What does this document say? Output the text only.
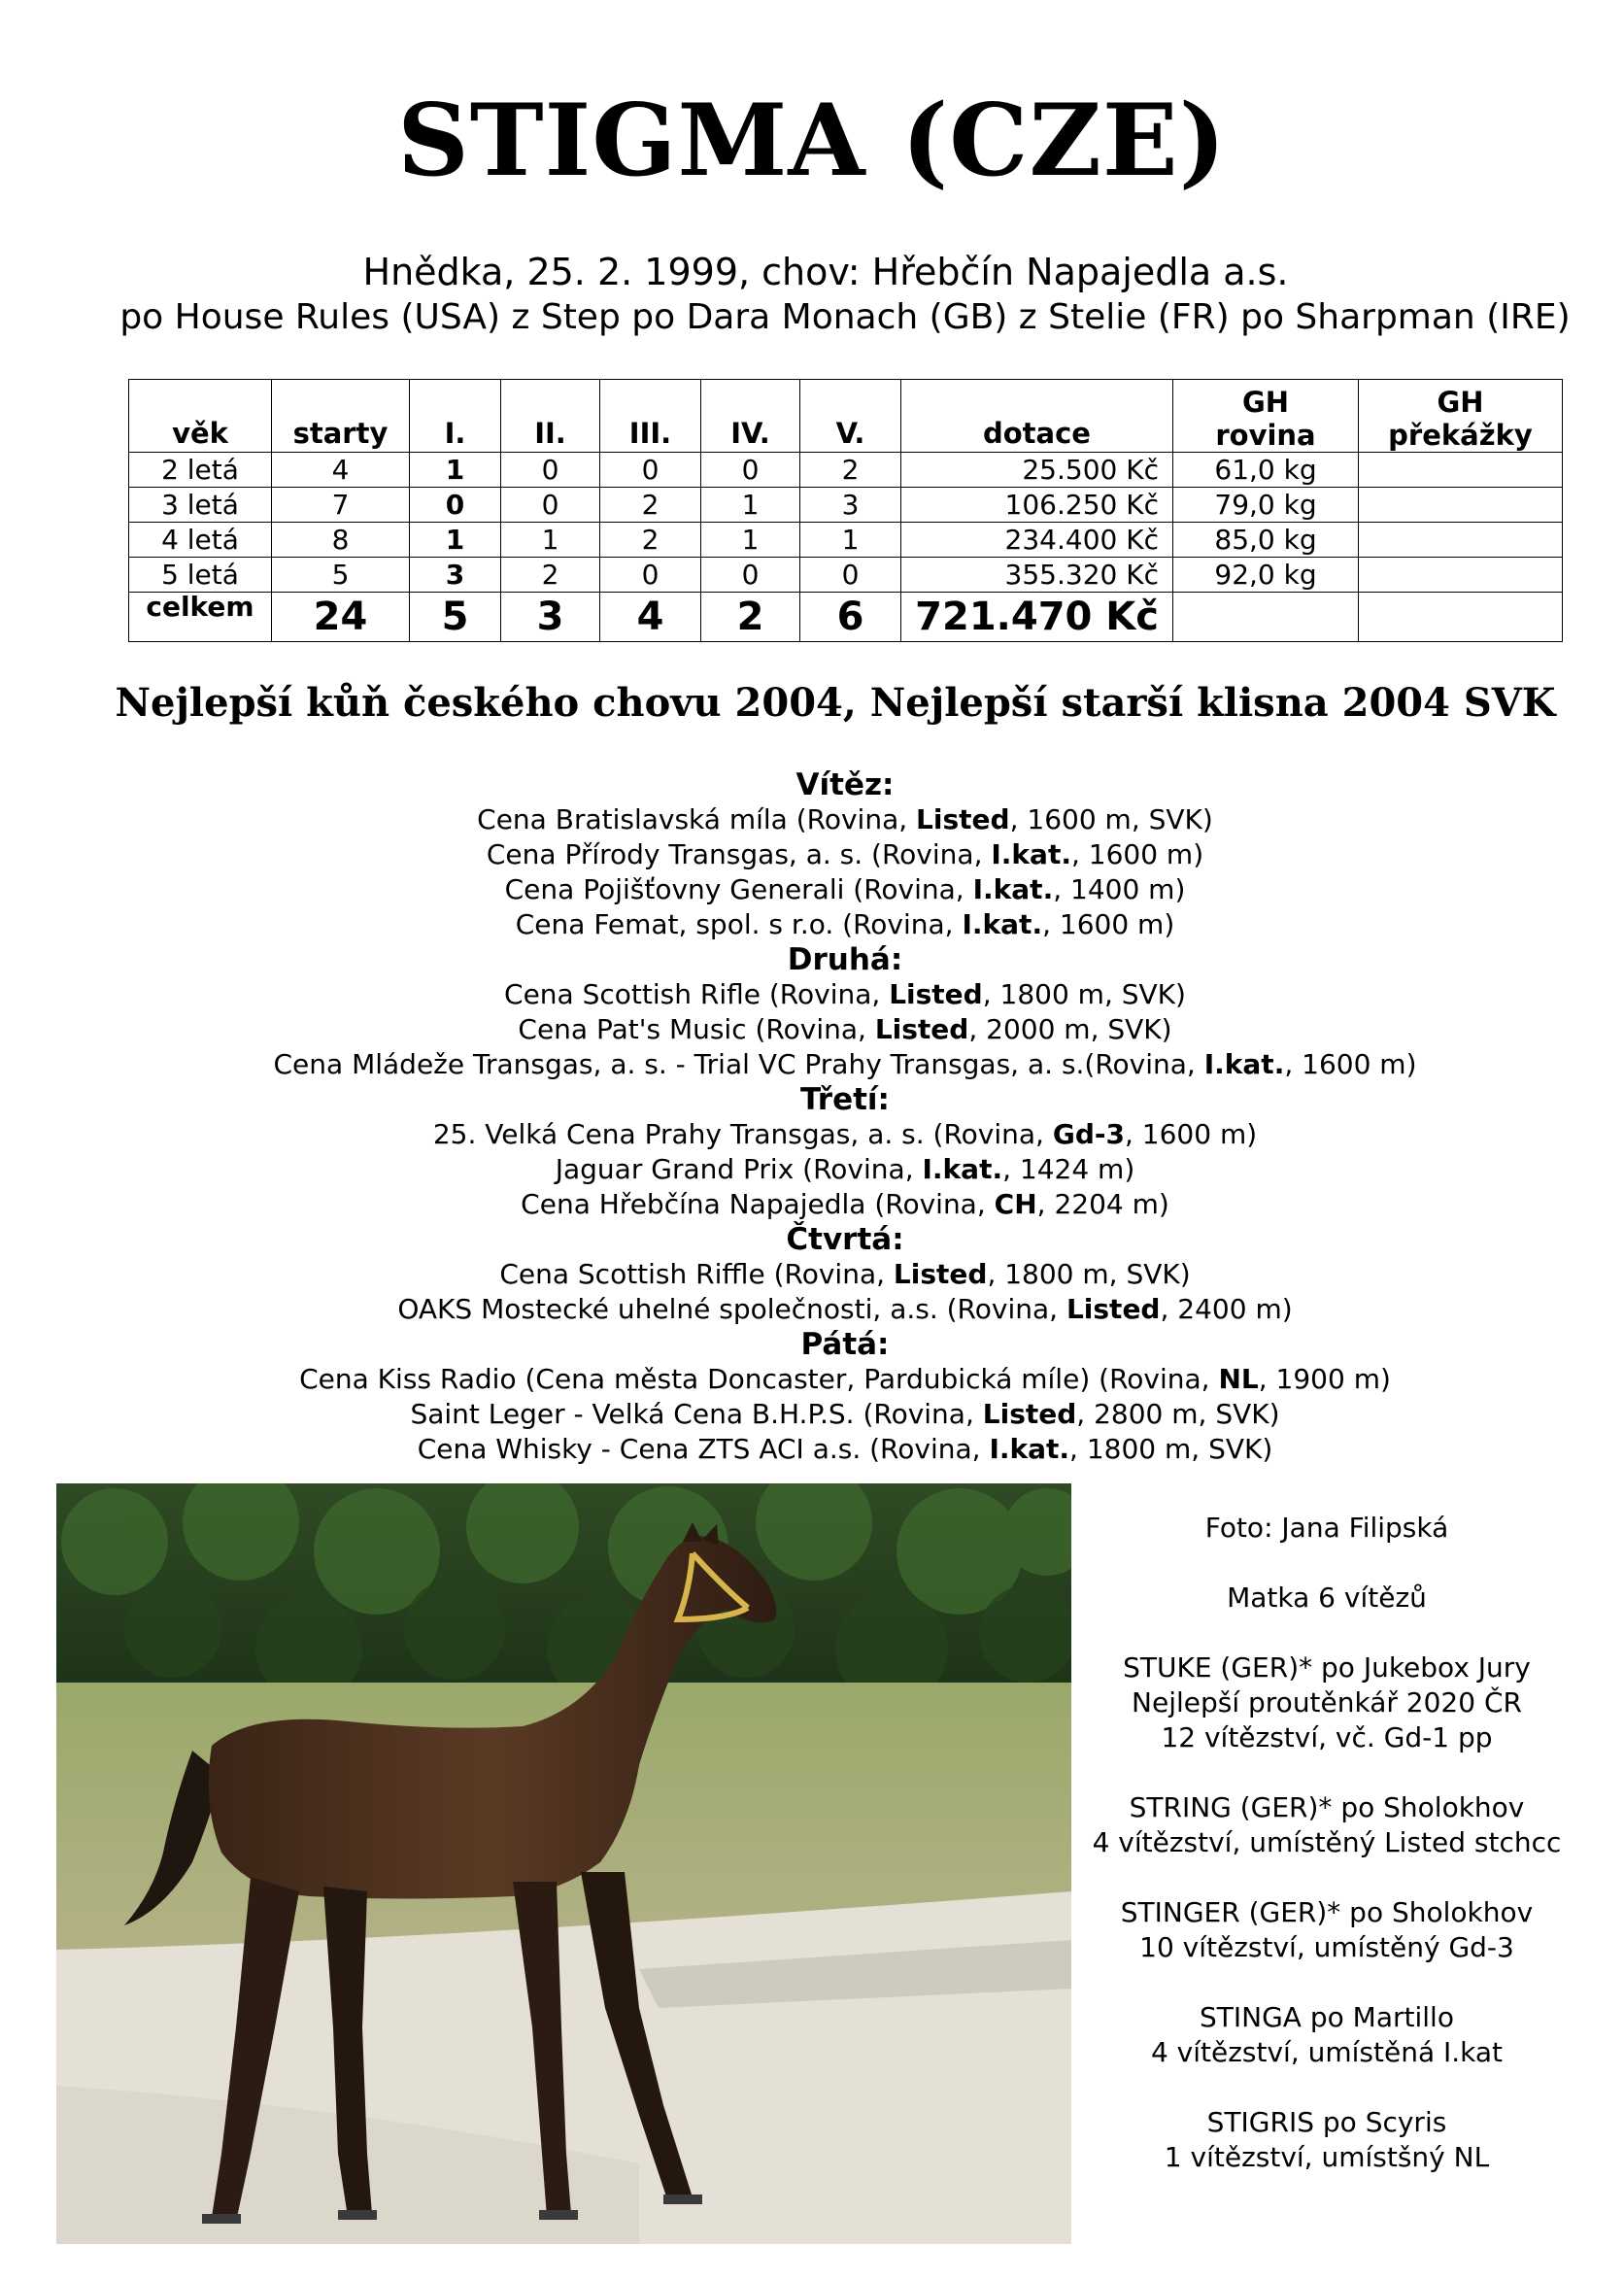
STIGMA (CZE)
Hnědka, 25. 2. 1999, chov: Hřebčín Napajedla a.s.
po House Rules (USA) z Step po Dara Monach (GB) z Stelie (FR) po Sharpman (IRE)
věk	starty	I.	II.	III.	IV.	V.	dotace	GH rovina	GH překážky
2 letá	4	1	0	0	0	2	25.500 Kč	61,0 kg	
3 letá	7	0	0	2	1	3	106.250 Kč	79,0 kg	
4 letá	8	1	1	2	1	1	234.400 Kč	85,0 kg	
5 letá	5	3	2	0	0	0	355.320 Kč	92,0 kg	
celkem	24	5	3	4	2	6	721.470 Kč		
Nejlepší kůň českého chovu 2004, Nejlepší starší klisna 2004 SVK
Vítěz:
Cena Bratislavská míla (Rovina, Listed, 1600 m, SVK)
Cena Přírody Transgas, a. s. (Rovina, I.kat., 1600 m)
Cena Pojišťovny Generali (Rovina, I.kat., 1400 m)
Cena Femat, spol. s r.o. (Rovina, I.kat., 1600 m)
Druhá:
Cena Scottish Rifle (Rovina, Listed, 1800 m, SVK)
Cena Pat's Music (Rovina, Listed, 2000 m, SVK)
Cena Mládeže Transgas, a. s. - Trial VC Prahy Transgas, a. s.(Rovina, I.kat., 1600 m)
Třetí:
25. Velká Cena Prahy Transgas, a. s. (Rovina, Gd-3, 1600 m)
Jaguar Grand Prix (Rovina, I.kat., 1424 m)
Cena Hřebčína Napajedla (Rovina, CH, 2204 m)
Čtvrtá:
Cena Scottish Riffle (Rovina, Listed, 1800 m, SVK)
OAKS Mostecké uhelné společnosti, a.s. (Rovina, Listed, 2400 m)
Pátá:
Cena Kiss Radio (Cena města Doncaster, Pardubická míle) (Rovina, NL, 1900 m)
Saint Leger - Velká Cena B.H.P.S. (Rovina, Listed, 2800 m, SVK)
Cena Whisky - Cena ZTS ACI a.s. (Rovina, I.kat., 1800 m, SVK)

Foto: Jana Filipská

Matka 6 vítězů

STUKE (GER)* po Jukebox Jury

Nejlepší proutěnkář 2020 ČR

12 vítězství, vč. Gd-1 pp

STRING (GER)* po Sholokhov

4 vítězství, umístěný Listed stchcc

STINGER (GER)* po Sholokhov

10 vítězství, umístěný Gd-3

STINGA po Martillo

4 vítězství, umístěná I.kat

STIGRIS po Scyris

1 vítězství, umístšný NL
